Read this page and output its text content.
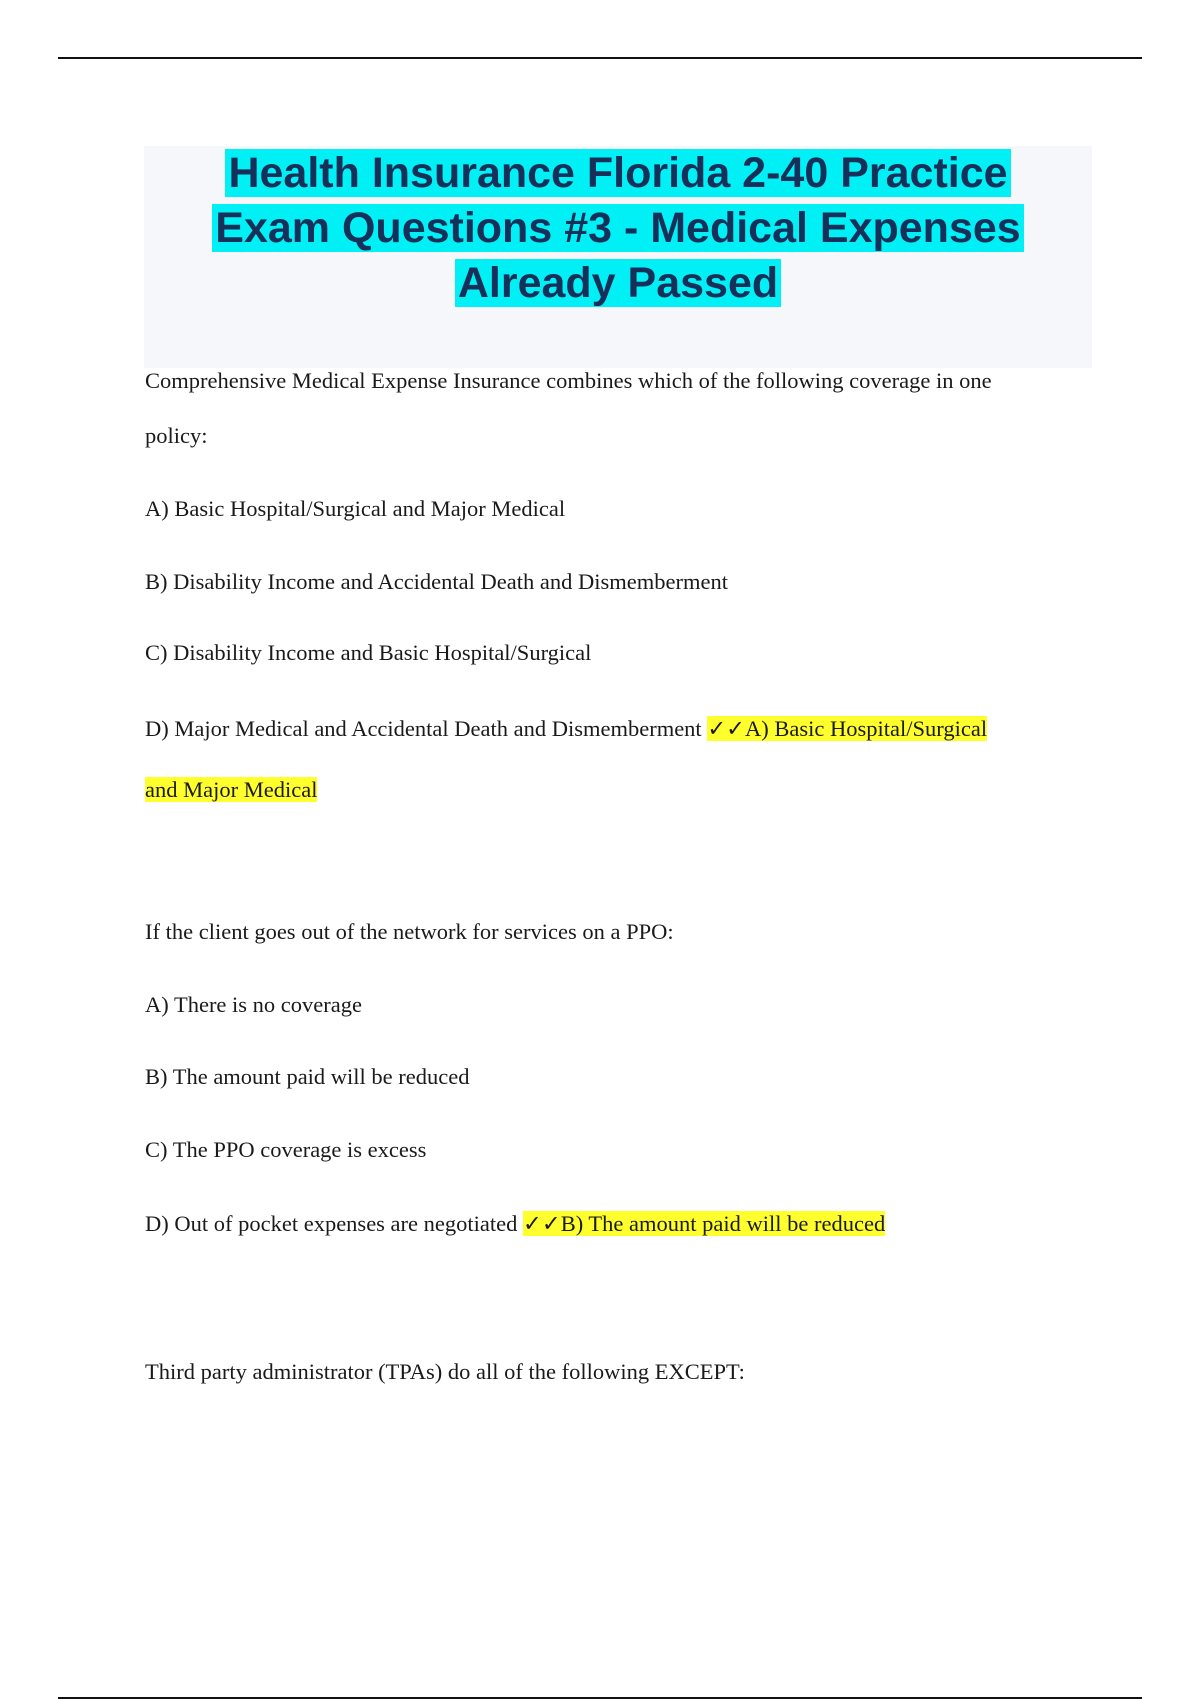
Health Insurance Florida 2-40 Practice
Exam Questions #3 - Medical Expenses
Already Passed
Comprehensive Medical Expense Insurance combines which of the following coverage in one
policy:
A) Basic Hospital/Surgical and Major Medical
B) Disability Income and Accidental Death and Dismemberment
C) Disability Income and Basic Hospital/Surgical
D) Major Medical and Accidental Death and Dismemberment ✓✓A) Basic Hospital/Surgical
and Major Medical
If the client goes out of the network for services on a PPO:
A) There is no coverage
B) The amount paid will be reduced
C) The PPO coverage is excess
D) Out of pocket expenses are negotiated ✓✓B) The amount paid will be reduced
Third party administrator (TPAs) do all of the following EXCEPT:
